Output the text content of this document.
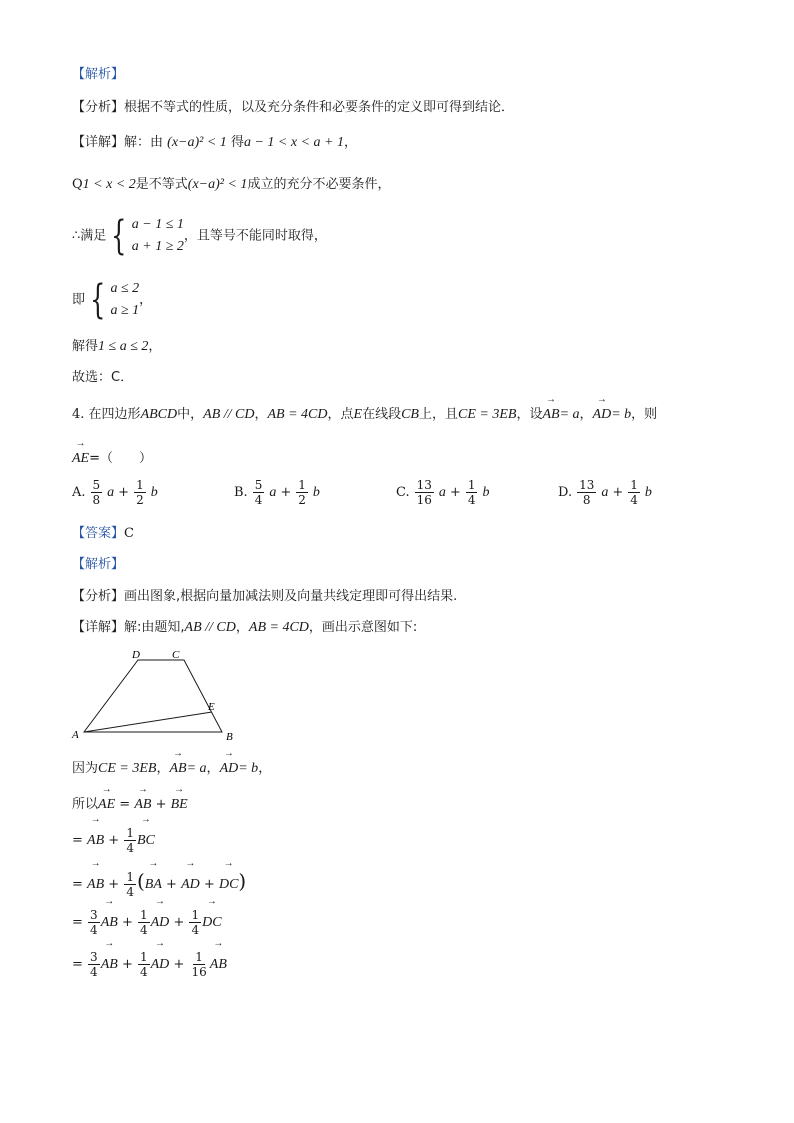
【解析】
【分析】根据不等式的性质，以及充分条件和必要条件的定义即可得到结论．
【详解】解：由 (x−a)² < 1 得a − 1 < x < a + 1，
Q1 < x < 2是不等式(x−a)² < 1成立的充分不必要条件，
∴满足 { a − 1 ≤ 1
a + 1 ≥ 2
，且等号不能同时取得，
即 { a ≤ 2
a ≥ 1
，
解得1 ≤ a ≤ 2，
故选：C．
4. 在四边形ABCD中，AB // CD，AB = 4CD，点E在线段CB上，且CE = 3EB，设→ AB= a，→ AD= b，则
→ AE=（　　）
A. $\frac{5}{8}$ $a + \frac{1}{2}$ b	B. $\frac{5}{4}$ $a + \frac{1}{2}$ b	C. $\frac{13}{16}$ $a + \frac{1}{4}$ b	D. $\frac{13}{8}$ $a + \frac{1}{4}$ b
【答案】C
【解析】
【分析】画出图象,根据向量加减法则及向量共线定理即可得出结果.
【详解】解:由题知,AB // CD，AB = 4CD，画出示意图如下:
A	B
C
D
E
因为CE = 3EB，→ AB= a，→ AD= b，
所以→ AE = → AB + → BE
= → AB + $\frac{1}{4}$ → BC
= → AB + $\frac{1}{4}$ (→ BA + → AD + → DC)
= $\frac{3}{4}$ → AB + $\frac{1}{4}$ → AD + $\frac{1}{4}$ → DC
= $\frac{3}{4}$ → AB + $\frac{1}{4}$ → AD + $\frac{1}{16}$ → AB
